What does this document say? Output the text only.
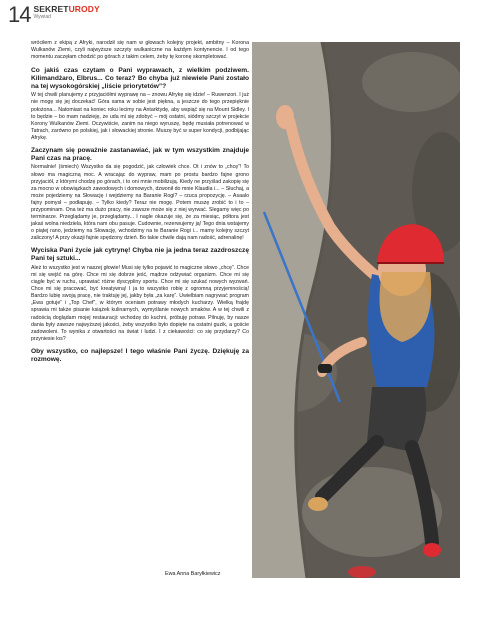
14 SEKRETURODY
Wywiad

wróciłem z ekipą z Afryki, narodził się nam w głowach kolejny projekt, ambitny – Korona Wulkanów Ziemi, czyli najwyższe szczyty wulkaniczne na każdym kontynencie. I od tego momentu zaczęłam chodzić po górach z takim celem, żeby tę koronę skompletować.

Co jakiś czas czytam o Pani wyprawach, z wielkim podziwem. Kilimandżaro, Elbrus... Co teraz? Bo chyba już niewiele Pani zostało na tej wysokogórskiej „liście priorytetów”?

W tej chwili planujemy z przyjaciółmi wyprawę na – znowu Afrykę się idzie! – Ruwenzori. I już nie mogę się jej doczekać! Góra sama w sobie jest piękna, a jeszcze do tego przepięknie położona... Natomiast na koniec roku lecimy na Antarktydę, aby wspiąć się na Mount Sidley. I to będzie – bo mam nadzieję, że uda mi się zdobyć – mój ostatni, siódmy szczyt w projekcie Korony Wulkanów Ziemi. Oczywiście, zanim na niego wyruszę, będę musiała potrenować w Tatrach, zarówno po polskiej, jak i słowackiej stronie. Muszę być w super kondycji, podbijając Afrykę.

Zaczynam się poważnie zastanawiać, jak w tym wszystkim znajduje Pani czas na pracę.

Normalnie! (śmiech) Wszystko da się pogodzić, jak człowiek chce. Ot i znów to „chcę”! To słowo ma magiczną moc. A wracając do wypraw, mam po prostu bardzo fajne grono przyjaciół, z którymi chodzę po górach, i to oni mnie mobilizują. Kiedy ne przyślad zakopię się za mocno w obowiązkach zawodowych i domowych, dzwonił do mnie Klaudia i... – Słuchaj, a może pojedziemy na Słowację i wejdziemy na Baranie Rogi? – rzuca propozycję. – Asaalo fajny pomysł – podłapuję. – Tylko kiedy? Teraz nie mogę. Potem muszę zrobić to i to – przypominam. Ona też ma dużo pracy, nie zawsze może się z niej wyrwać. Slegamy więc po terminarze. Przeglądamy je, przeglądamy... I nagle okazuje się, że za miesiąc, półtora jest jakaś wolna niedziela, która nam obu pasuje. Cudownie, rezerwujemy ją! Tego dnia wstajemy o piątej rano, jedziemy na Słowację, wchodzimy na te Baranie Rogi i... mamy kolejny szczyt zaliczony! A przy okazji fajnie spędzony dzień. Bo takie chwile dają nam radość, adrenalinę!

Wyciska Pani życie jak cytrynę! Chyba nie ja jedna teraz zazdroszczę Pani tej sztuki...

Ależ to wszystko jest w naszej głowie! Musi się tylko pojawić to magiczne słowo „chcę”. Chce mi się wejść na górę. Chce mi się dobrze jeść, mądrze odżywiać organizm. Chce mi się ciągle być w ruchu, uprawiać różne dyscypliny sportu. Chce mi się szukać nowych wyzwań. Chce mi się pracować, być kreatywną! I ja to wszystko robię z ogromną przyjemnością! Bardzo lubię swoją pracę, nie traktuję jej, jakby była „za karę”. Uwielbiam nagrywać program „Ewa gotuje” i „Top Chef”, w którym oceniam potrawy młodych kucharzy. Wielką frajdę sprawia mi także pisanie książek kulinarnych, wymyślanie nowych smaków. A w tej chwili z radością doglądam mojej restauracji: wchodzę do kuchni, próbuję potraw. Pilnuję, by nasze dania były zawsze najwyższej jakości, żeby wszystko było dopięte na ostatni guzik, a goście zadowoleni. To wynika z otwartości na świat i ludzi. I z ciekawości: co się przydarzy? Co przyniesie los?

Oby wszystko, co najlepsze! I tego właśnie Pani życzę. Dziękuję za rozmowę.

Ewa Anna Baryłkiewicz
